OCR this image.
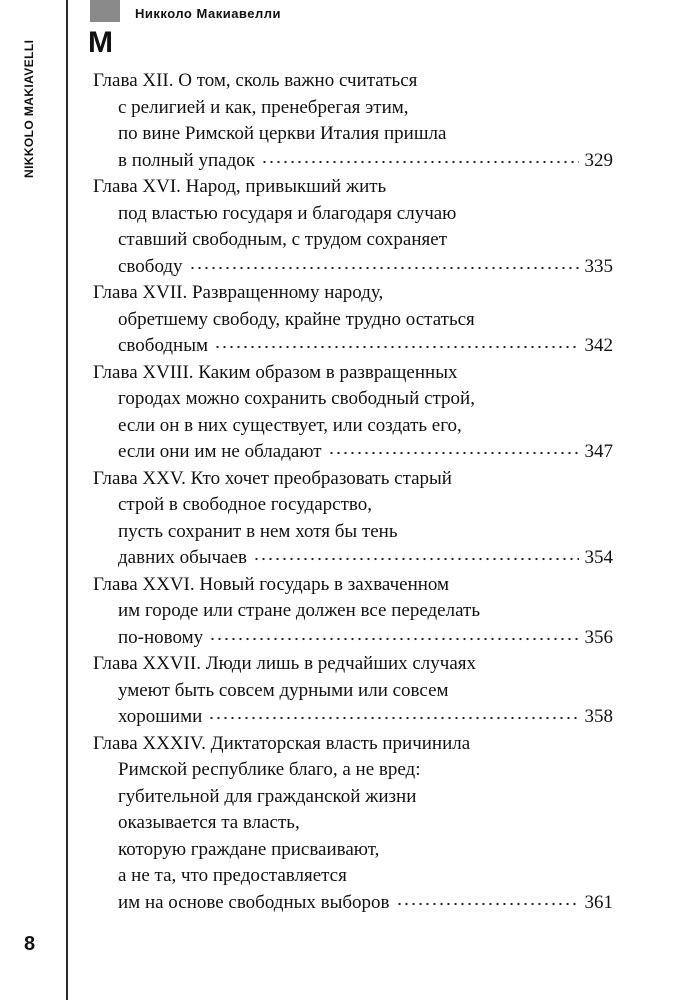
Никколо Макиавелли
М
NIKKOLO MAKIAVELLI	Глава XII. О том, сколь важно считаться
с религией и как, пренебрегая этим,
по вине Римской церкви Италия пришла
в полный упадок	329
Глава XVI. Народ, привыкший жить
под властью государя и благодаря случаю
ставший свободным, с трудом сохраняет
свободу	335
Глава XVII. Развращенному народу,
обретшему свободу, крайне трудно остаться
свободным	342
Глава XVIII. Каким образом в развращенных
городах можно сохранить свободный строй,
если он в них существует, или создать его,
если они им не обладают	347
Глава XXV. Кто хочет преобразовать старый
строй в свободное государство,
пусть сохранит в нем хотя бы тень
давних обычаев	354
Глава XXVI. Новый государь в захваченном
им городе или стране должен все переделать
по-новому	356
Глава XXVII. Люди лишь в редчайших случаях
умеют быть совсем дурными или совсем
хорошими	358
Глава XXXIV. Диктаторская власть причинила
Римской республике благо, а не вред:
губительной для гражданской жизни
оказывается та власть,
которую граждане присваивают,
а не та, что предоставляется
им на основе свободных выборов	361
8
